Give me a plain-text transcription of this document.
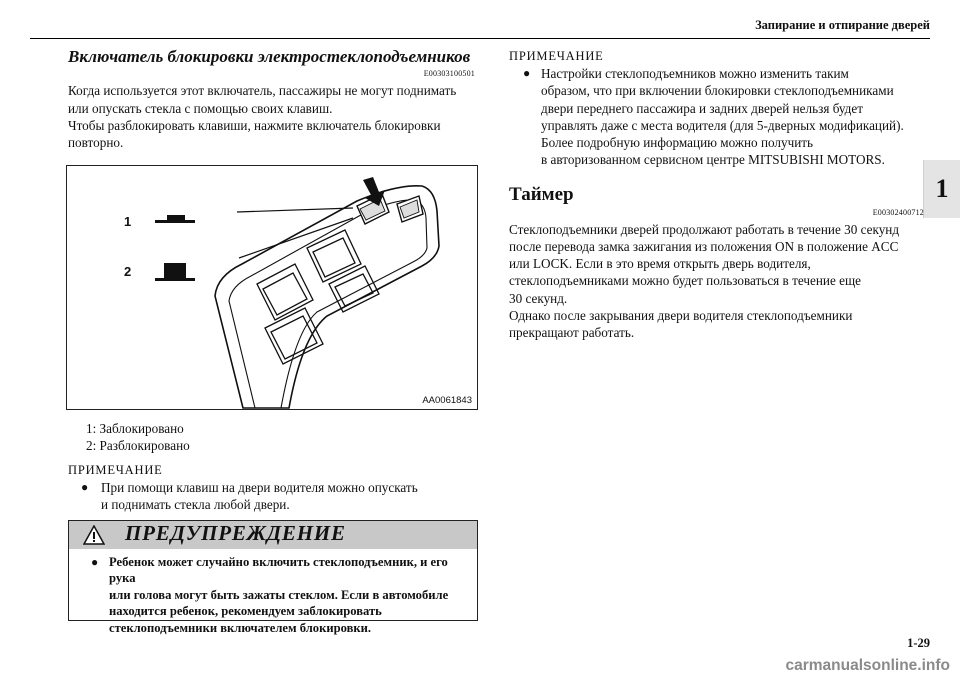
Запирание и отпирание дверей
1
Включатель блокировки электростеклоподъемников
E00303100501

Когда используется этот включатель, пассажиры не могут поднимать

или опускать стекла с помощью своих клавиш.

Чтобы разблокировать клавиши, нажмите включатель блокировки

повторно.

1
2
AA0061843
1: Заблокировано
2: Разблокировано
ПРИМЕЧАНИЕ
● При помощи клавиш на двери водителя можно опускать
и поднимать стекла любой двери.
ПРЕДУПРЕЖДЕНИЕ
● Ребенок может случайно включить стеклоподъемник, и его рука
или голова могут быть зажаты стеклом. Если в автомобиле
находится ребенок, рекомендуем заблокировать
стеклоподъемники включателем блокировки.
ПРИМЕЧАНИЕ
● Настройки стеклоподъемников можно изменить таким
образом, что при включении блокировки стеклоподъемниками
двери переднего пассажира и задних дверей нельзя будет
управлять даже с места водителя (для 5-дверных модификаций).
Более подробную информацию можно получить
в авторизованном сервисном центре MITSUBISHI MOTORS.
Таймер
E00302400712

Стеклоподъемники дверей продолжают работать в течение 30 секунд

после перевода замка зажигания из положения ON в положение ACC

или LOCK. Если в это время открыть дверь водителя,

стеклоподъемниками можно будет пользоваться в течение еще

30 секунд.

Однако после закрывания двери водителя стеклоподъемники

прекращают работать.

1-29
carmanualsonline.info
